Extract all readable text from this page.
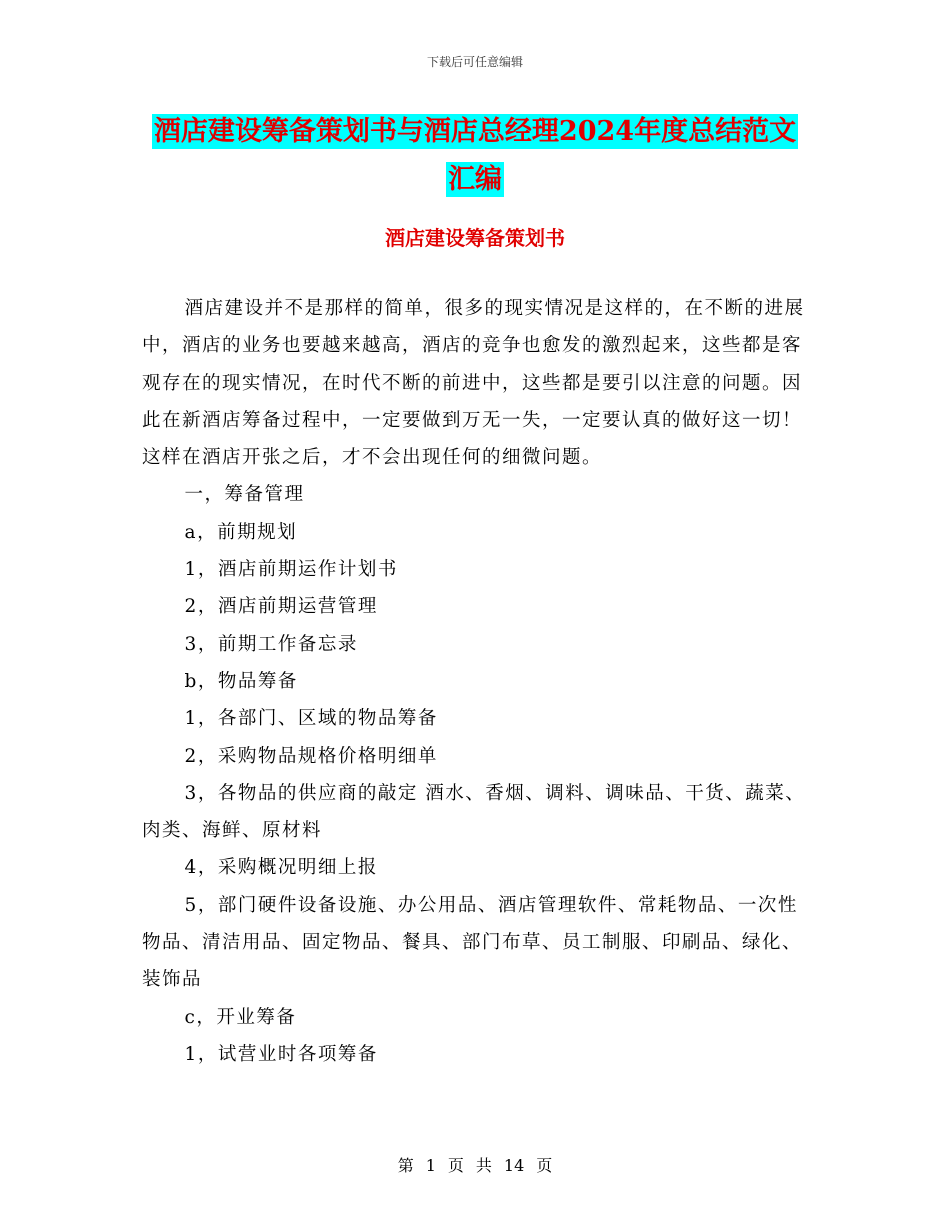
下载后可任意编辑
酒店建设筹备策划书与酒店总经理2024年度总结范文
汇编
酒店建设筹备策划书

酒店建设并不是那样的简单，很多的现实情况是这样的，在不断的进展中，酒店的业务也要越来越高，酒店的竞争也愈发的激烈起来，这些都是客观存在的现实情况，在时代不断的前进中，这些都是要引以注意的问题。因此在新酒店筹备过程中，一定要做到万无一失，一定要认真的做好这一切！这样在酒店开张之后，才不会出现任何的细微问题。

一，筹备管理

a，前期规划

1，酒店前期运作计划书

2，酒店前期运营管理

3，前期工作备忘录

b，物品筹备

1，各部门、区域的物品筹备

2，采购物品规格价格明细单

3，各物品的供应商的敲定 酒水、香烟、调料、调味品、干货、蔬菜、肉类、海鲜、原材料

4，采购概况明细上报

5，部门硬件设备设施、办公用品、酒店管理软件、常耗物品、一次性物品、清洁用品、固定物品、餐具、部门布草、员工制服、印刷品、绿化、装饰品

c，开业筹备

1，试营业时各项筹备

第 1 页 共 14 页
